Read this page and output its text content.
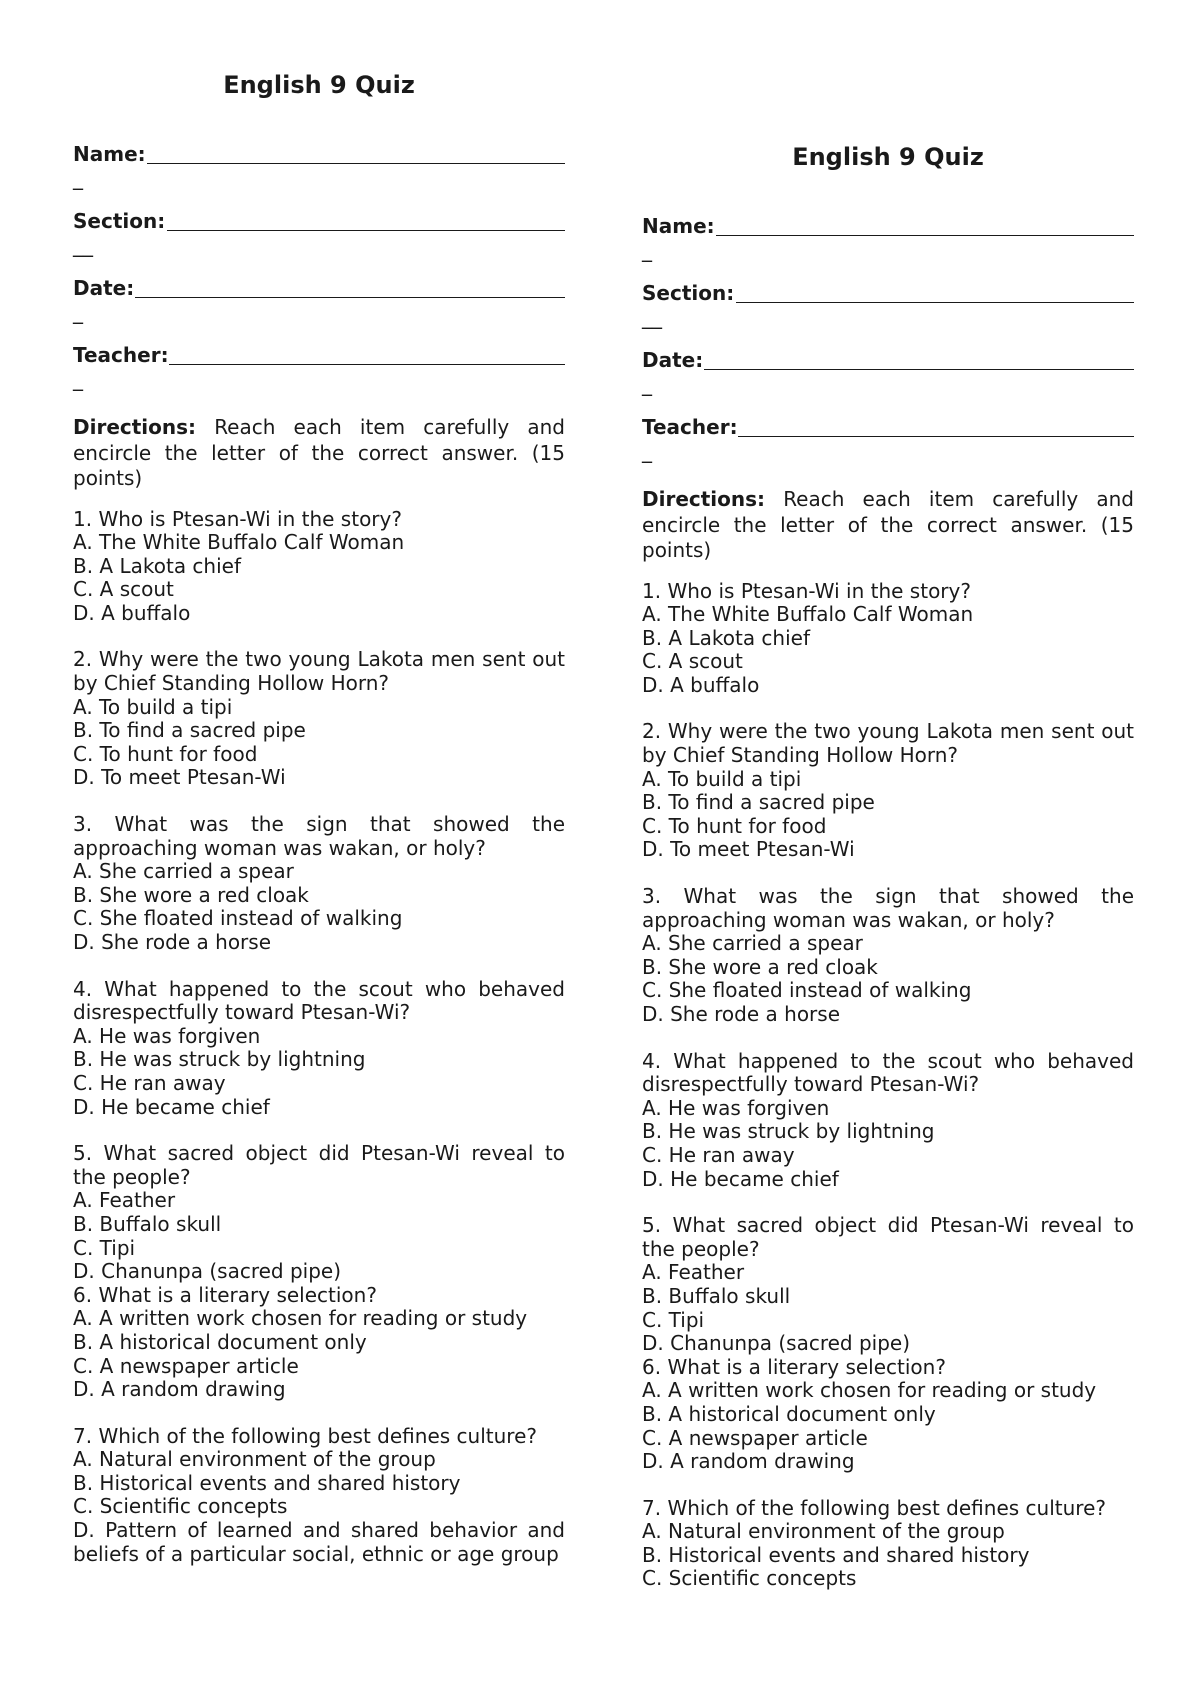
English 9 Quiz
Name:
_
Section:
__
Date:
_
Teacher:
_
Directions: Reach each item carefully and encircle the letter of the correct answer. (15 points)
1. Who is Ptesan-Wi in the story?
A. The White Buffalo Calf Woman
B. A Lakota chief
C. A scout
D. A buffalo
2. Why were the two young Lakota men sent out by Chief Standing Hollow Horn?
A. To build a tipi
B. To find a sacred pipe
C. To hunt for food
D. To meet Ptesan-Wi
3. What was the sign that showed the approaching woman was wakan, or holy?
A. She carried a spear
B. She wore a red cloak
C. She floated instead of walking
D. She rode a horse
4. What happened to the scout who behaved disrespectfully toward Ptesan-Wi?
A. He was forgiven
B. He was struck by lightning
C. He ran away
D. He became chief
5. What sacred object did Ptesan-Wi reveal to the people?
A. Feather
B. Buffalo skull
C. Tipi
D. Chanunpa (sacred pipe)
6. What is a literary selection?
A. A written work chosen for reading or study
B. A historical document only
C. A newspaper article
D. A random drawing
7. Which of the following best defines culture?
A. Natural environment of the group
B. Historical events and shared history
C. Scientific concepts
D. Pattern of learned and shared behavior and beliefs of a particular social, ethnic or age group
English 9 Quiz
Name:
_
Section:
__
Date:
_
Teacher:
_
Directions: Reach each item carefully and encircle the letter of the correct answer. (15 points)
1. Who is Ptesan-Wi in the story?
A. The White Buffalo Calf Woman
B. A Lakota chief
C. A scout
D. A buffalo
2. Why were the two young Lakota men sent out by Chief Standing Hollow Horn?
A. To build a tipi
B. To find a sacred pipe
C. To hunt for food
D. To meet Ptesan-Wi
3. What was the sign that showed the approaching woman was wakan, or holy?
A. She carried a spear
B. She wore a red cloak
C. She floated instead of walking
D. She rode a horse
4. What happened to the scout who behaved disrespectfully toward Ptesan-Wi?
A. He was forgiven
B. He was struck by lightning
C. He ran away
D. He became chief
5. What sacred object did Ptesan-Wi reveal to the people?
A. Feather
B. Buffalo skull
C. Tipi
D. Chanunpa (sacred pipe)
6. What is a literary selection?
A. A written work chosen for reading or study
B. A historical document only
C. A newspaper article
D. A random drawing
7. Which of the following best defines culture?
A. Natural environment of the group
B. Historical events and shared history
C. Scientific concepts
